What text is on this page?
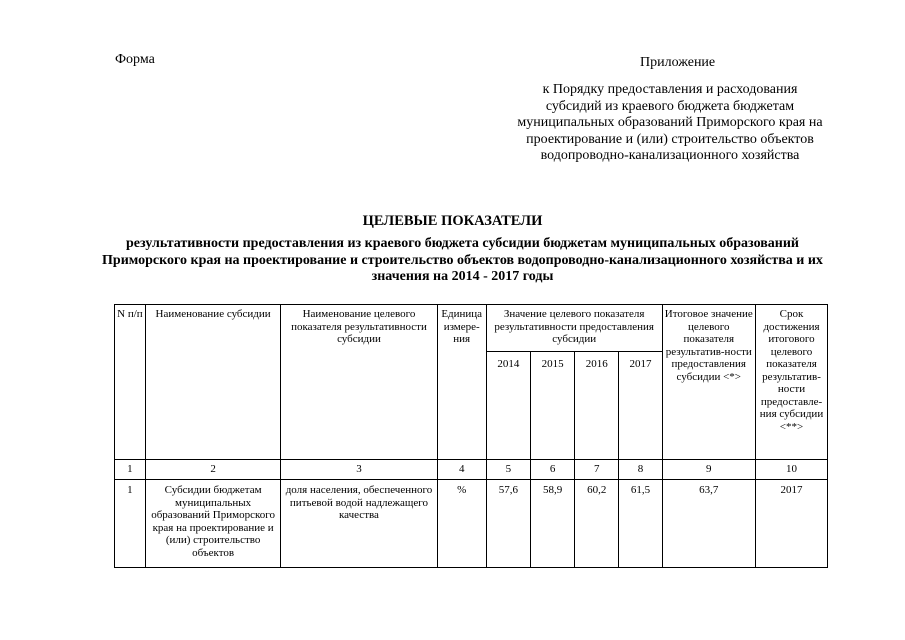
Форма	Приложение
к Порядку предоставления и расходования субсидий из краевого бюджета бюджетам муниципальных образований Приморского края на проектирование и (или) строительство объектов водопроводно-канализационного хозяйства
ЦЕЛЕВЫЕ ПОКАЗАТЕЛИ
результативности предоставления из краевого бюджета субсидии бюджетам муниципальных образований Приморского края на проектирование и строительство объектов водопроводно-канализационного хозяйства и их значения на 2014 - 2017 годы
N п/п	Наименование субсидии	Наименование целевого показателя результативности субсидии	Единица измере-ния	Значение целевого показателя результативности предоставления субсидии				Итоговое значение целевого показателя результатив-ности предоставления субсидии <*>	Срок достижения итогового целевого показателя результатив-ности предоставле-ния субсидии <**>
				2014	2015	2016	2017		
1	2	3	4	5	6	7	8	9	10
1	Субсидии бюджетам муниципальных образований Приморского края на проектирование и (или) строительство объектов	доля населения, обеспеченного питьевой водой надлежащего качества	%	57,6	58,9	60,2	61,5	63,7	2017
